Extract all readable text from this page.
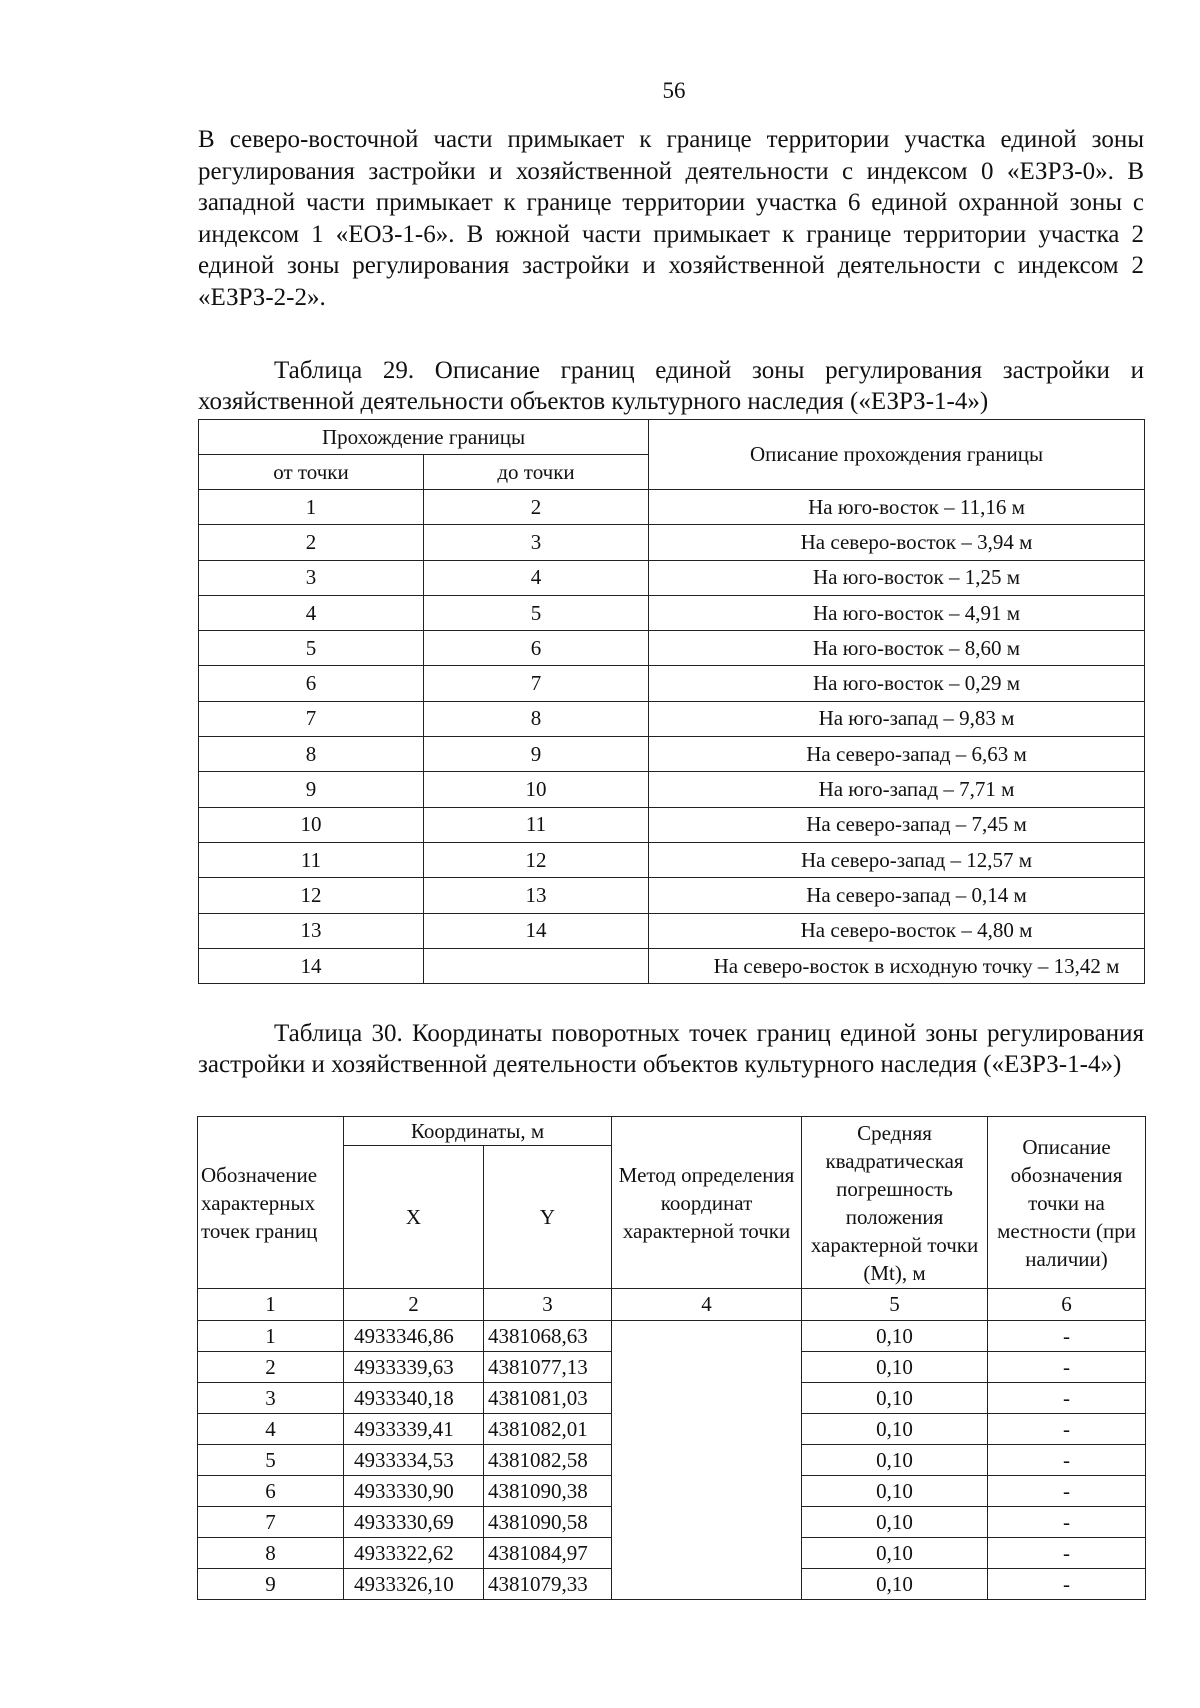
56

В северо-восточной части примыкает к границе территории участка единой зоны регулирования застройки и хозяйственной деятельности с индексом 0 «ЕЗРЗ-0». В западной части примыкает к границе территории участка 6 единой охранной зоны с индексом 1 «ЕОЗ-1-6». В южной части примыкает к границе территории участка 2 единой зоны регулирования застройки и хозяйственной деятельности с индексом 2 «ЕЗРЗ-2-2».

Таблица 29. Описание границ единой зоны регулирования застройки и хозяйственной деятельности объектов культурного наследия («ЕЗРЗ-1-4»)

Прохождение границы		Описание прохождения границы
от точки	до точки	
1	2	На юго-восток – 11,16 м
2	3	На северо-восток – 3,94 м
3	4	На юго-восток – 1,25 м
4	5	На юго-восток – 4,91 м
5	6	На юго-восток – 8,60 м
6	7	На юго-восток – 0,29 м
7	8	На юго-запад – 9,83 м
8	9	На северо-запад – 6,63 м
9	10	На юго-запад – 7,71 м
10	11	На северо-запад – 7,45 м
11	12	На северо-запад – 12,57 м
12	13	На северо-запад – 0,14 м
13	14	На северо-восток – 4,80 м
14		На северо-восток в исходную точку – 13,42 м

Таблица 30. Координаты поворотных точек границ единой зоны регулирования застройки и хозяйственной деятельности объектов культурного наследия («ЕЗРЗ-1-4»)

Обозначение характерных точек границ	Координаты, м		Метод определения координат характерной точки	Средняя квадратическая погрешность положения характерной точки (Mt), м	Описание обозначения точки на местности (при наличии)
	X	Y			
1	2	3	4	5	6
1	4933346,86	4381068,63		0,10	-
2	4933339,63	4381077,13		0,10	-
3	4933340,18	4381081,03		0,10	-
4	4933339,41	4381082,01		0,10	-
5	4933334,53	4381082,58		0,10	-
6	4933330,90	4381090,38		0,10	-
7	4933330,69	4381090,58		0,10	-
8	4933322,62	4381084,97		0,10	-
9	4933326,10	4381079,33		0,10	-
